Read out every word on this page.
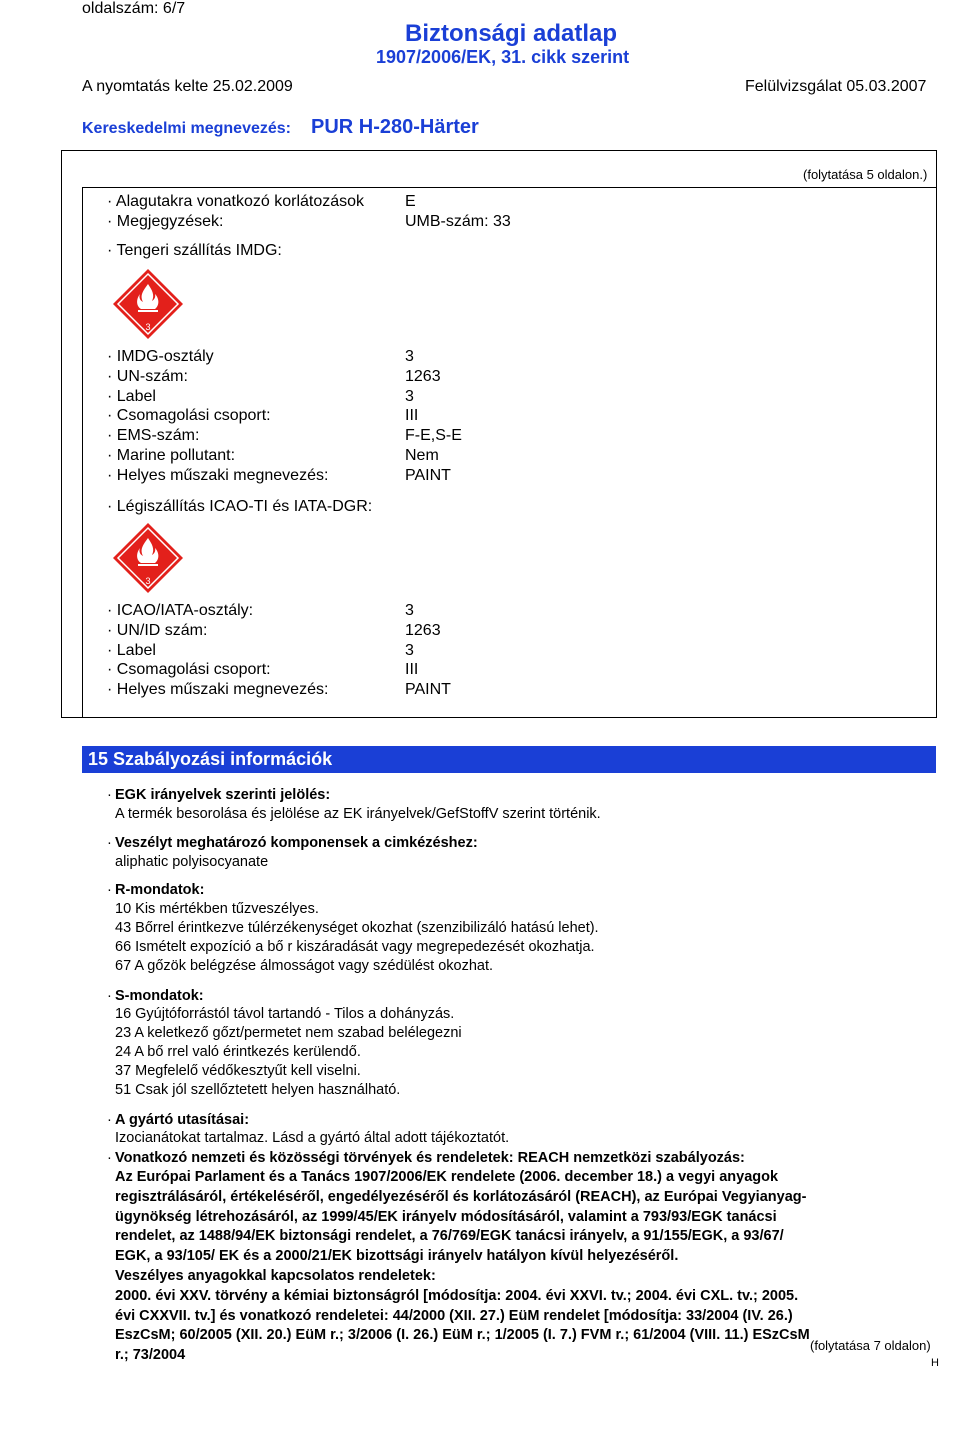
oldalszám: 6/7
Biztonsági adatlap
1907/2006/EK, 31. cikk szerint
A nyomtatás kelte 25.02.2009	Felülvizsgálat 05.03.2007
Kereskedelmi megnevezés: PUR H-280-Härter
(folytatása 5 oldalon.)
· Alagutakra vonatkozó korlátozások	E
· Megjegyzések:	UMB-szám: 33
· Tengeri szállítás IMDG:
3
· IMDG-osztály	3
· UN-szám:	1263
· Label	3
· Csomagolási csoport:	III
· EMS-szám:	F-E,S-E
· Marine pollutant:	Nem
· Helyes műszaki megnevezés:	PAINT
· Légiszállítás ICAO-TI és IATA-DGR:
3
· ICAO/IATA-osztály:	3
· UN/ID szám:	1263
· Label	3
· Csomagolási csoport:	III
· Helyes műszaki megnevezés:	PAINT
15 Szabályozási információk
· EGK irányelvek szerinti jelölés:
A termék besorolása és jelölése az EK irányelvek/GefStoffV szerint történik.
· Veszélyt meghatározó komponensek a cimkézéshez:
aliphatic polyisocyanate
· R-mondatok:
10 Kis mértékben tűzveszélyes.
43 Bőrrel érintkezve túlérzékenységet okozhat (szenzibilizáló hatású lehet).
66 Ismételt expozíció a bő r kiszáradását vagy megrepedezését okozhatja.
67 A gőzök belégzése álmosságot vagy szédülést okozhat.
· S-mondatok:
16 Gyújtóforrástól távol tartandó - Tilos a dohányzás.
23 A keletkező gőzt/permetet nem szabad belélegezni
24 A bő rrel való érintkezés kerülendő.
37 Megfelelő védőkesztyűt kell viselni.
51 Csak jól szellőztetett helyen használható.
· A gyártó utasításai:
Izocianátokat tartalmaz. Lásd a gyártó által adott tájékoztatót.
· Vonatkozó nemzeti és közösségi törvények és rendeletek: REACH nemzetközi szabályozás:
Az Európai Parlament és a Tanács 1907/2006/EK rendelete (2006. december 18.) a vegyi anyagok
regisztrálásáról, értékeléséről, engedélyezéséről és korlátozásáról (REACH), az Európai Vegyianyag-
ügynökség létrehozásáról, az 1999/45/EK irányelv módosításáról, valamint a 793/93/EGK tanácsi
rendelet, az 1488/94/EK biztonsági rendelet, a 76/769/EGK tanácsi irányelv, a 91/155/EGK, a 93/67/
EGK, a 93/105/ EK és a 2000/21/EK bizottsági irányelv hatályon kívül helyezéséről.
Veszélyes anyagokkal kapcsolatos rendeletek:
2000. évi XXV. törvény a kémiai biztonságról [módosítja: 2004. évi XXVI. tv.; 2004. évi CXL. tv.; 2005.
évi CXXVII. tv.] és vonatkozó rendeletei: 44/2000 (XII. 27.) EüM rendelet [módosítja: 33/2004 (IV. 26.)
EszCsM; 60/2005 (XII. 20.) EüM r.; 3/2006 (I. 26.) EüM r.; 1/2005 (I. 7.) FVM r.; 61/2004 (VIII. 11.) ESzCsM
r.; 73/2004
(folytatása 7 oldalon)
H
